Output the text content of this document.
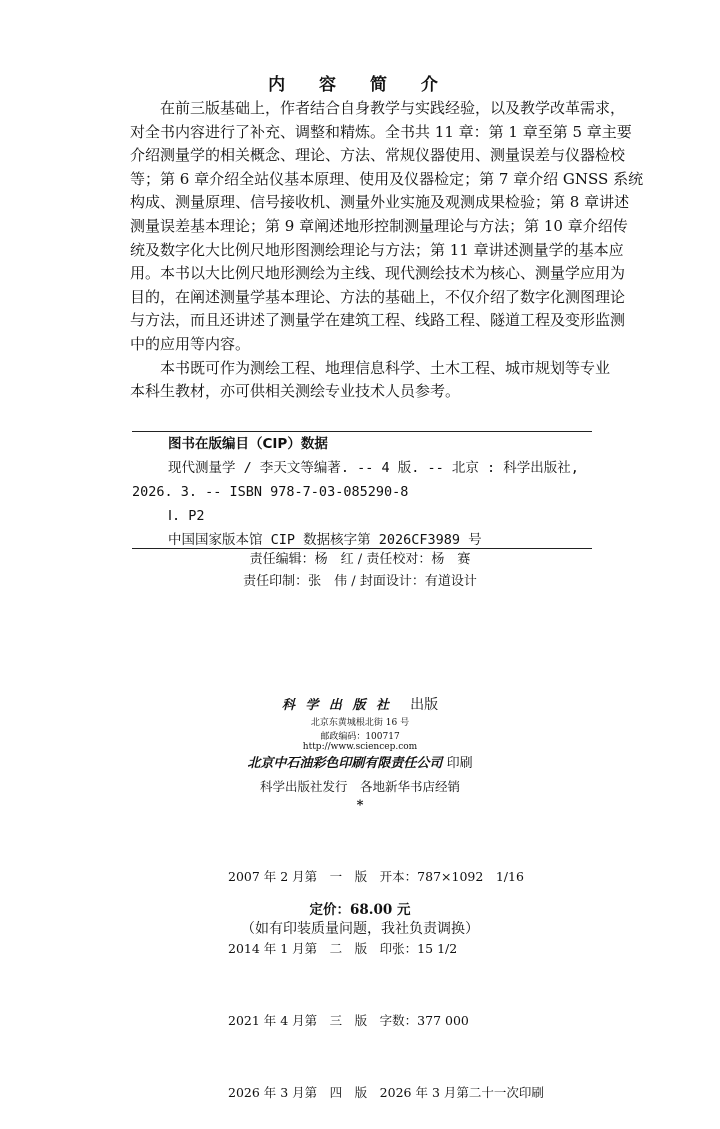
内 容 简 介
在前三版基础上，作者结合自身教学与实践经验，以及教学改革需求，
对全书内容进行了补充、调整和精炼。全书共 11 章：第 1 章至第 5 章主要
介绍测量学的相关概念、理论、方法、常规仪器使用、测量误差与仪器检校
等；第 6 章介绍全站仪基本原理、使用及仪器检定；第 7 章介绍 GNSS 系统
构成、测量原理、信号接收机、测量外业实施及观测成果检验；第 8 章讲述
测量误差基本理论；第 9 章阐述地形控制测量理论与方法；第 10 章介绍传
统及数字化大比例尺地形图测绘理论与方法；第 11 章讲述测量学的基本应
用。本书以大比例尺地形测绘为主线、现代测绘技术为核心、测量学应用为
目的，在阐述测量学基本理论、方法的基础上，不仅介绍了数字化测图理论
与方法，而且还讲述了测量学在建筑工程、线路工程、隧道工程及变形监测
中的应用等内容。
本书既可作为测绘工程、地理信息科学、土木工程、城市规划等专业
本科生教材，亦可供相关测绘专业技术人员参考。
图书在版编目（CIP）数据
现代测量学 / 李天文等编著. -- 4 版. -- 北京 : 科学出版社,
2026. 3. -- ISBN 978-7-03-085290-8
Ⅰ. P2
中国国家版本馆 CIP 数据核字第 2026CF3989 号
责任编辑：杨　红 / 责任校对：杨　赛
责任印制：张　伟 / 封面设计：有道设计
科 学 出 版 社 出版
北京东黄城根北街 16 号
邮政编码：100717
http://www.sciencep.com
北京中石油彩色印刷有限责任公司 印刷
科学出版社发行　各地新华书店经销
*

2007 年 2 月第　一　版　开本：787×1092　1/16

2014 年 1 月第　二　版　印张：15 1/2

2021 年 4 月第　三　版　字数：377 000

2026 年 3 月第　四　版　2026 年 3 月第二十一次印刷

定价：68.00 元
（如有印装质量问题，我社负责调换）
